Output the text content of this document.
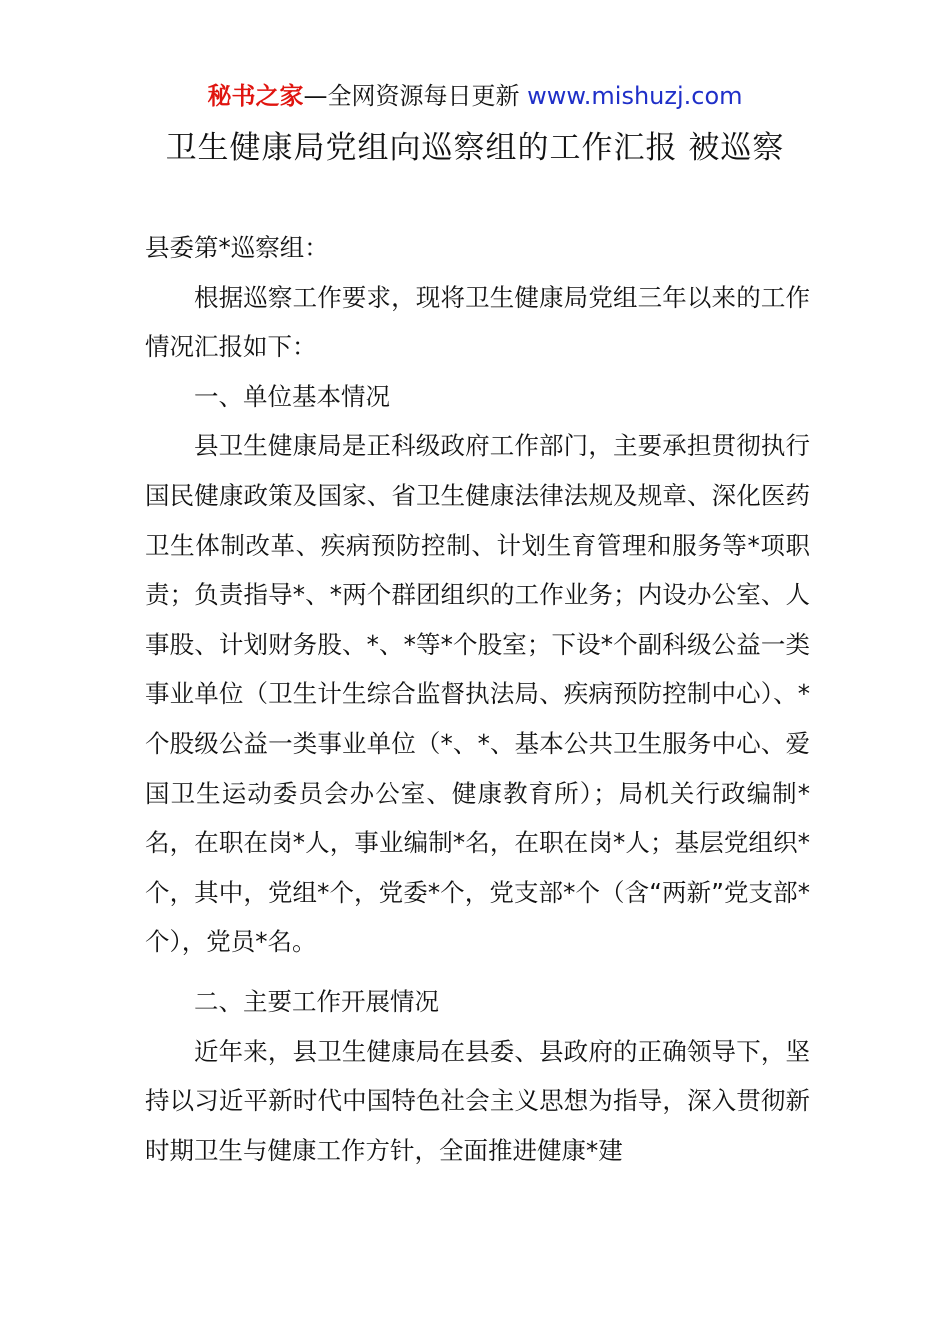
秘书之家—全网资源每日更新 www.mishuzj.com
卫生健康局党组向巡察组的工作汇报 被巡察

县委第*巡察组：

根据巡察工作要求，现将卫生健康局党组三年以来的工作情况汇报如下：

一、单位基本情况

县卫生健康局是正科级政府工作部门，主要承担贯彻执行国民健康政策及国家、省卫生健康法律法规及规章、深化医药卫生体制改革、疾病预防控制、计划生育管理和服务等*项职责；负责指导*、*两个群团组织的工作业务；内设办公室、人事股、计划财务股、*、*等*个股室；下设*个副科级公益一类事业单位（卫生计生综合监督执法局、疾病预防控制中心）、*个股级公益一类事业单位（*、*、基本公共卫生服务中心、爱国卫生运动委员会办公室、健康教育所）；局机关行政编制*名，在职在岗*人，事业编制*名，在职在岗*人；基层党组织*个，其中，党组*个，党委*个，党支部*个（含“两新”党支部*个），党员*名。

二、主要工作开展情况

近年来，县卫生健康局在县委、县政府的正确领导下，坚持以习近平新时代中国特色社会主义思想为指导，深入贯彻新时期卫生与健康工作方针，全面推进健康*建
